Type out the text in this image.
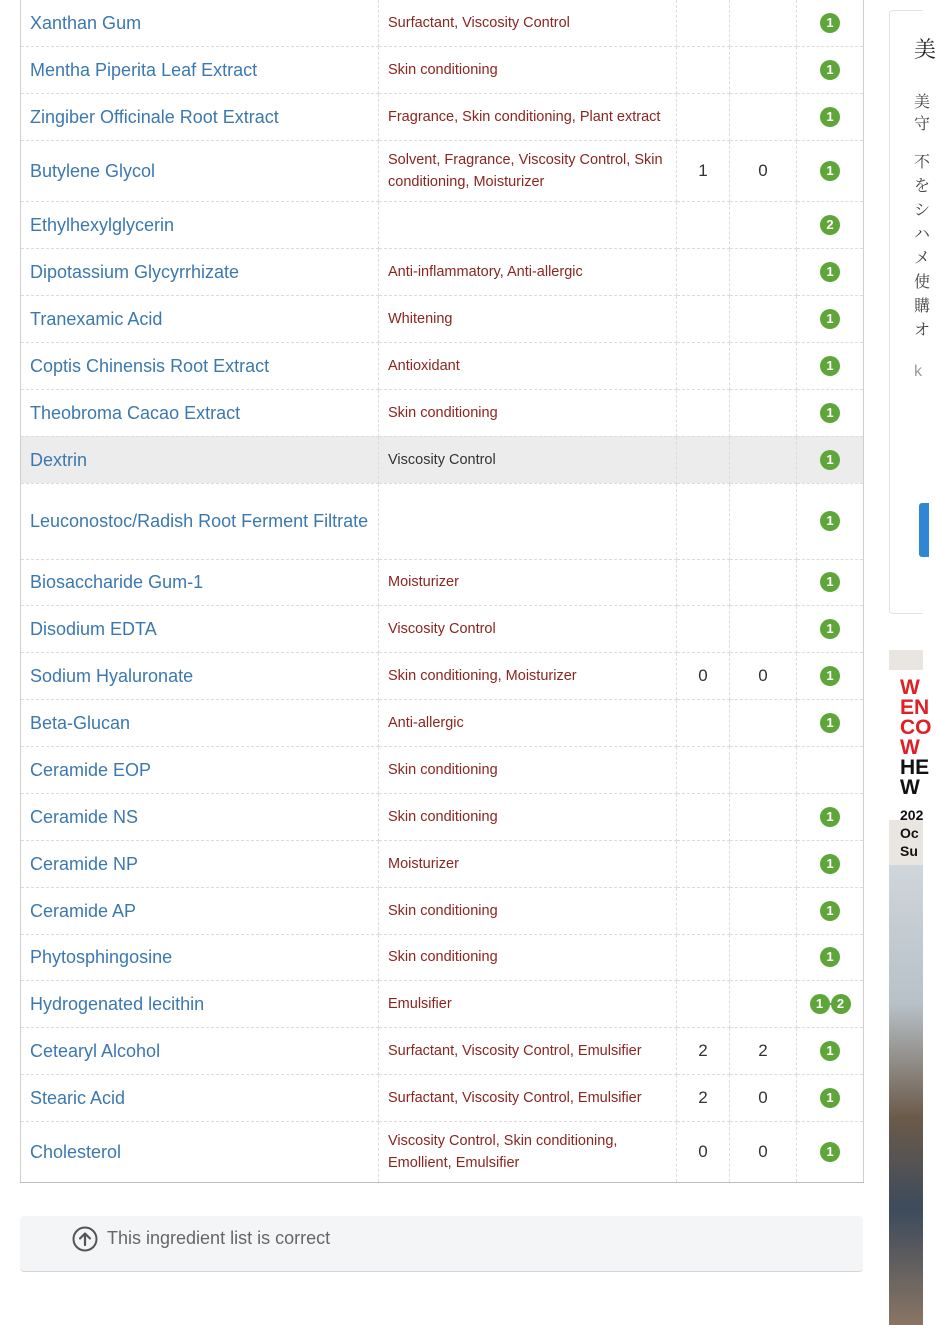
Xanthan Gum	Surfactant, Viscosity Control			1
Mentha Piperita Leaf Extract	Skin conditioning			1
Zingiber Officinale Root Extract	Fragrance, Skin conditioning, Plant extract			1
Butylene Glycol	Solvent, Fragrance, Viscosity Control, Skin conditioning, Moisturizer	1	0	1
Ethylhexylglycerin				2
Dipotassium Glycyrrhizate	Anti-inflammatory, Anti-allergic			1
Tranexamic Acid	Whitening			1
Coptis Chinensis Root Extract	Antioxidant			1
Theobroma Cacao Extract	Skin conditioning			1
Dextrin	Viscosity Control			1
Leuconostoc/Radish Root Ferment Filtrate				1
Biosaccharide Gum-1	Moisturizer			1
Disodium EDTA	Viscosity Control			1
Sodium Hyaluronate	Skin conditioning, Moisturizer	0	0	1
Beta-Glucan	Anti-allergic			1
Ceramide EOP	Skin conditioning			
Ceramide NS	Skin conditioning			1
Ceramide NP	Moisturizer			1
Ceramide AP	Skin conditioning			1
Phytosphingosine	Skin conditioning			1
Hydrogenated lecithin	Emulsifier			1 2
Cetearyl Alcohol	Surfactant, Viscosity Control, Emulsifier	2	2	1
Stearic Acid	Surfactant, Viscosity Control, Emulsifier	2	0	1
Cholesterol	Viscosity Control, Skin conditioning, Emollient, Emulsifier	0	0	1
This ingredient list is correct
美
美
守
不
を
シ
ハ
メ
使
購
オ
k
W
EN
CO
W
HE
W
202
Oc
Su
